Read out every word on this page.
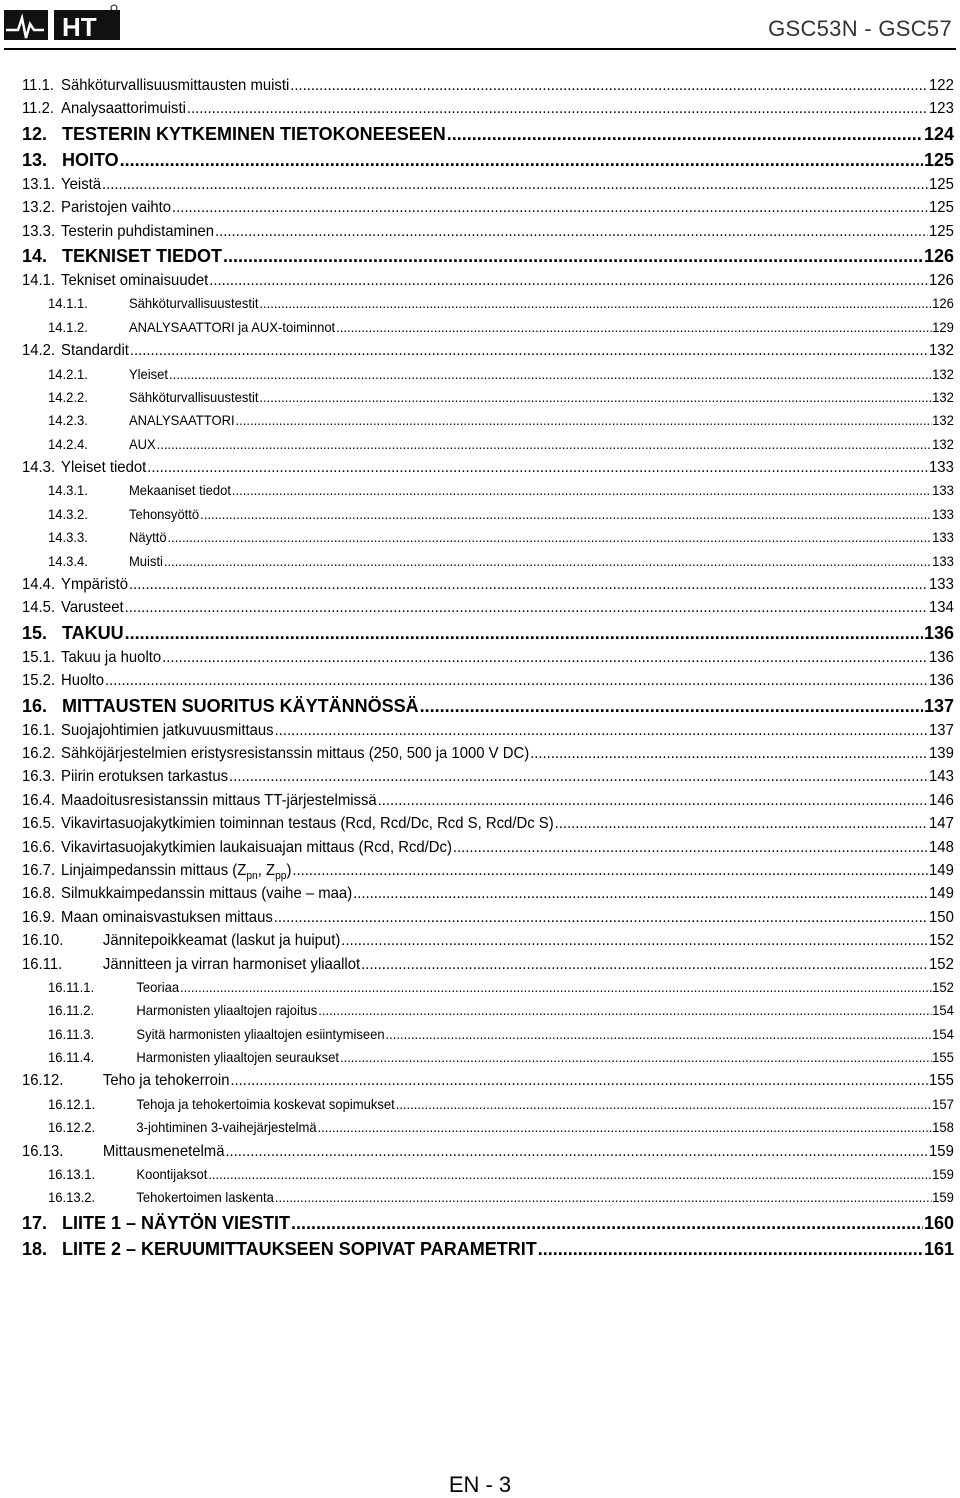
HT	GSC53N - GSC57
11.1. Sähköturvallisuusmittausten muisti .....	122
11.2. Analysaattorimuisti .....	123
12. TESTERIN KYTKEMINEN TIETOKONEESEEN .....	124
13. HOITO .....	125
13.1. Yeistä .....	125
13.2. Paristojen vaihto .....	125
13.3. Testerin puhdistaminen .....	125
14. TEKNISET TIEDOT .....	126
14.1. Tekniset ominaisuudet .....	126
14.1.1.	Sähköturvallisuustestit .....	126
14.1.2.	ANALYSAATTORI ja AUX-toiminnot .....	129
14.2. Standardit .....	132
14.2.1.	Yleiset .....	132
14.2.2.	Sähköturvallisuustestit .....	132
14.2.3.	ANALYSAATTORI .....	132
14.2.4.	AUX .....	132
14.3. Yleiset tiedot .....	133
14.3.1.	Mekaaniset tiedot .....	133
14.3.2.	Tehonsyöttö .....	133
14.3.3.	Näyttö .....	133
14.3.4.	Muisti .....	133
14.4. Ympäristö .....	133
14.5. Varusteet .....	134
15. TAKUU .....	136
15.1. Takuu ja huolto .....	136
15.2. Huolto .....	136
16. MITTAUSTEN SUORITUS KÄYTÄNNÖSSÄ .....	137
16.1. Suojajohtimien jatkuvuusmittaus .....	137
16.2. Sähköjärjestelmien eristysresistanssin mittaus (250, 500 ja 1000 V DC) .....	139
16.3. Piirin erotuksen tarkastus .....	143
16.4. Maadoitusresistanssin mittaus TT-järjestelmissä .....	146
16.5. Vikavirtasuojakytkimien toiminnan testaus (Rcd, Rcd/Dc, Rcd S, Rcd/Dc S) .....	147
16.6. Vikavirtasuojakytkimien laukaisuajan mittaus (Rcd, Rcd/Dc) .....	148
16.7. Linjaimpedanssin mittaus ($Z_{pn}$, $Z_{pp}$) .....	149
16.8. Silmukkaimpedanssin mittaus (vaihe – maa) .....	149
16.9. Maan ominaisvastuksen mittaus .....	150
16.10.	Jännitepoikkeamat (laskut ja huiput) .....	152
16.11.	Jännitteen ja virran harmoniset yliaallot .....	152
16.11.1.	Teoriaa .....	152
16.11.2.	Harmonisten yliaaltojen rajoitus .....	154
16.11.3.	Syitä harmonisten yliaaltojen esiintymiseen .....	154
16.11.4.	Harmonisten yliaaltojen seuraukset .....	155
16.12.	Teho ja tehokerroin .....	155
16.12.1.	Tehoja ja tehokertoimia koskevat sopimukset .....	157
16.12.2.	3-johtiminen 3-vaihejärjestelmä .....	158
16.13.	Mittausmenetelmä .....	159
16.13.1.	Koontijaksot .....	159
16.13.2.	Tehokertoimen laskenta .....	159
17. LIITE 1 – NÄYTÖN VIESTIT .....	160
18. LIITE 2 – KERUUMITTAUKSEEN SOPIVAT PARAMETRIT .....	161
EN - 3
